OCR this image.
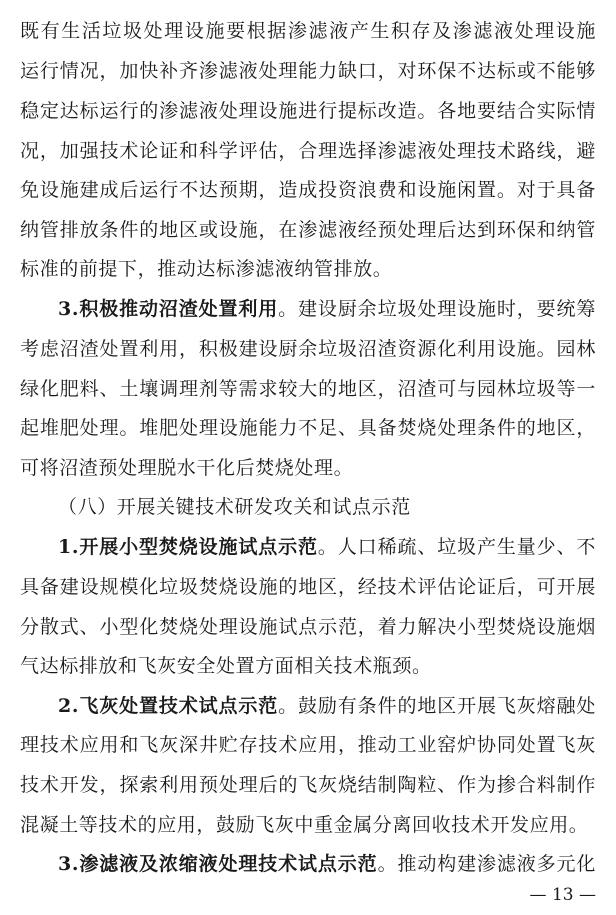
既有生活垃圾处理设施要根据渗滤液产生积存及渗滤液处理设施
运行情况，加快补齐渗滤液处理能力缺口，对环保不达标或不能够
稳定达标运行的渗滤液处理设施进行提标改造。各地要结合实际情
况，加强技术论证和科学评估，合理选择渗滤液处理技术路线，避
免设施建成后运行不达预期，造成投资浪费和设施闲置。对于具备
纳管排放条件的地区或设施，在渗滤液经预处理后达到环保和纳管
标准的前提下，推动达标渗滤液纳管排放。
3.积极推动沼渣处置利用。建设厨余垃圾处理设施时，要统筹
考虑沼渣处置利用，积极建设厨余垃圾沼渣资源化利用设施。园林
绿化肥料、土壤调理剂等需求较大的地区，沼渣可与园林垃圾等一
起堆肥处理。堆肥处理设施能力不足、具备焚烧处理条件的地区，
可将沼渣预处理脱水干化后焚烧处理。
（八）开展关键技术研发攻关和试点示范
1.开展小型焚烧设施试点示范。人口稀疏、垃圾产生量少、不
具备建设规模化垃圾焚烧设施的地区，经技术评估论证后，可开展
分散式、小型化焚烧处理设施试点示范，着力解决小型焚烧设施烟
气达标排放和飞灰安全处置方面相关技术瓶颈。
2.飞灰处置技术试点示范。鼓励有条件的地区开展飞灰熔融处
理技术应用和飞灰深井贮存技术应用，推动工业窑炉协同处置飞灰
技术开发，探索利用预处理后的飞灰烧结制陶粒、作为掺合料制作
混凝土等技术的应用，鼓励飞灰中重金属分离回收技术开发应用。
3.渗滤液及浓缩液处理技术试点示范。推动构建渗滤液多元化
— 13 —
